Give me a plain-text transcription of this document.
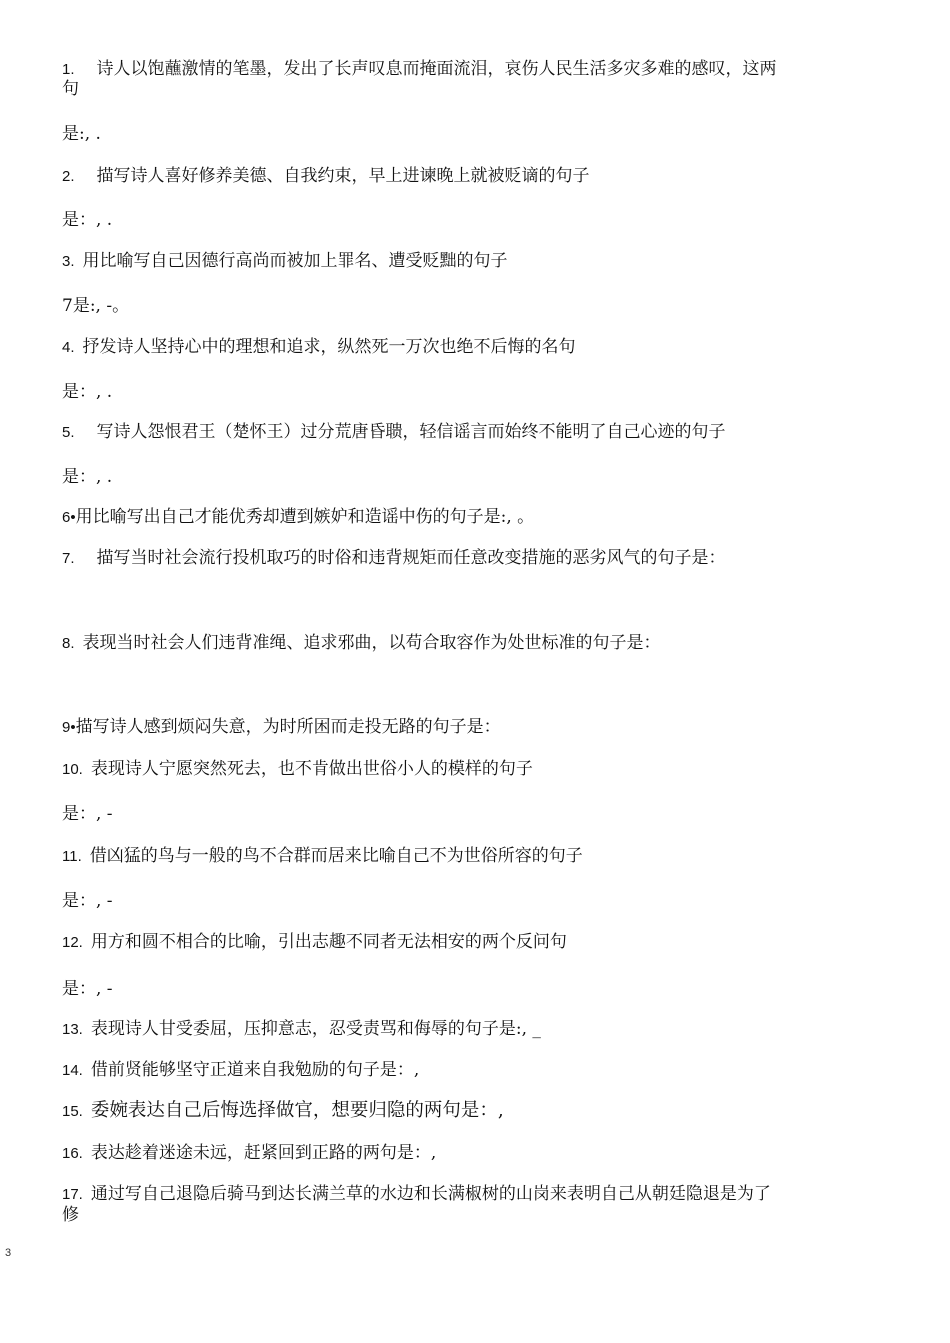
1. 诗人以饱蘸激情的笔墨，发出了长声叹息而掩面流泪，哀伤人民生活多灾多难的感叹，这两
句
是:, .
2. 描写诗人喜好修养美德、自我约束，早上进谏晚上就被贬谪的句子
是：, .
3. 用比喻写自己因德行高尚而被加上罪名、遭受贬黜的句子
7是:, -。
4. 抒发诗人坚持心中的理想和追求，纵然死一万次也绝不后悔的名句
是：, .
5. 写诗人怨恨君王（楚怀王）过分荒唐昏聩，轻信谣言而始终不能明了自己心迹的句子
是：, .
6•用比喻写出自己才能优秀却遭到嫉妒和造谣中伤的句子是:, 。
7. 描写当时社会流行投机取巧的时俗和违背规矩而任意改变措施的恶劣风气的句子是：
8. 表现当时社会人们违背准绳、追求邪曲，以苟合取容作为处世标准的句子是：
9•描写诗人感到烦闷失意，为时所困而走投无路的句子是：
10. 表现诗人宁愿突然死去，也不肯做出世俗小人的模样的句子
是：, -
11. 借凶猛的鸟与一般的鸟不合群而居来比喻自己不为世俗所容的句子
是：, -
12. 用方和圆不相合的比喻，引出志趣不同者无法相安的两个反问句
是：, -
13. 表现诗人甘受委屈，压抑意志，忍受责骂和侮辱的句子是:, _
14. 借前贤能够坚守正道来自我勉励的句子是：,
15. 委婉表达自己后悔选择做官，想要归隐的两句是：,
16. 表达趁着迷途未远，赶紧回到正路的两句是：,
17. 通过写自己退隐后骑马到达长满兰草的水边和长满椒树的山岗来表明自己从朝廷隐退是为了
修
3
